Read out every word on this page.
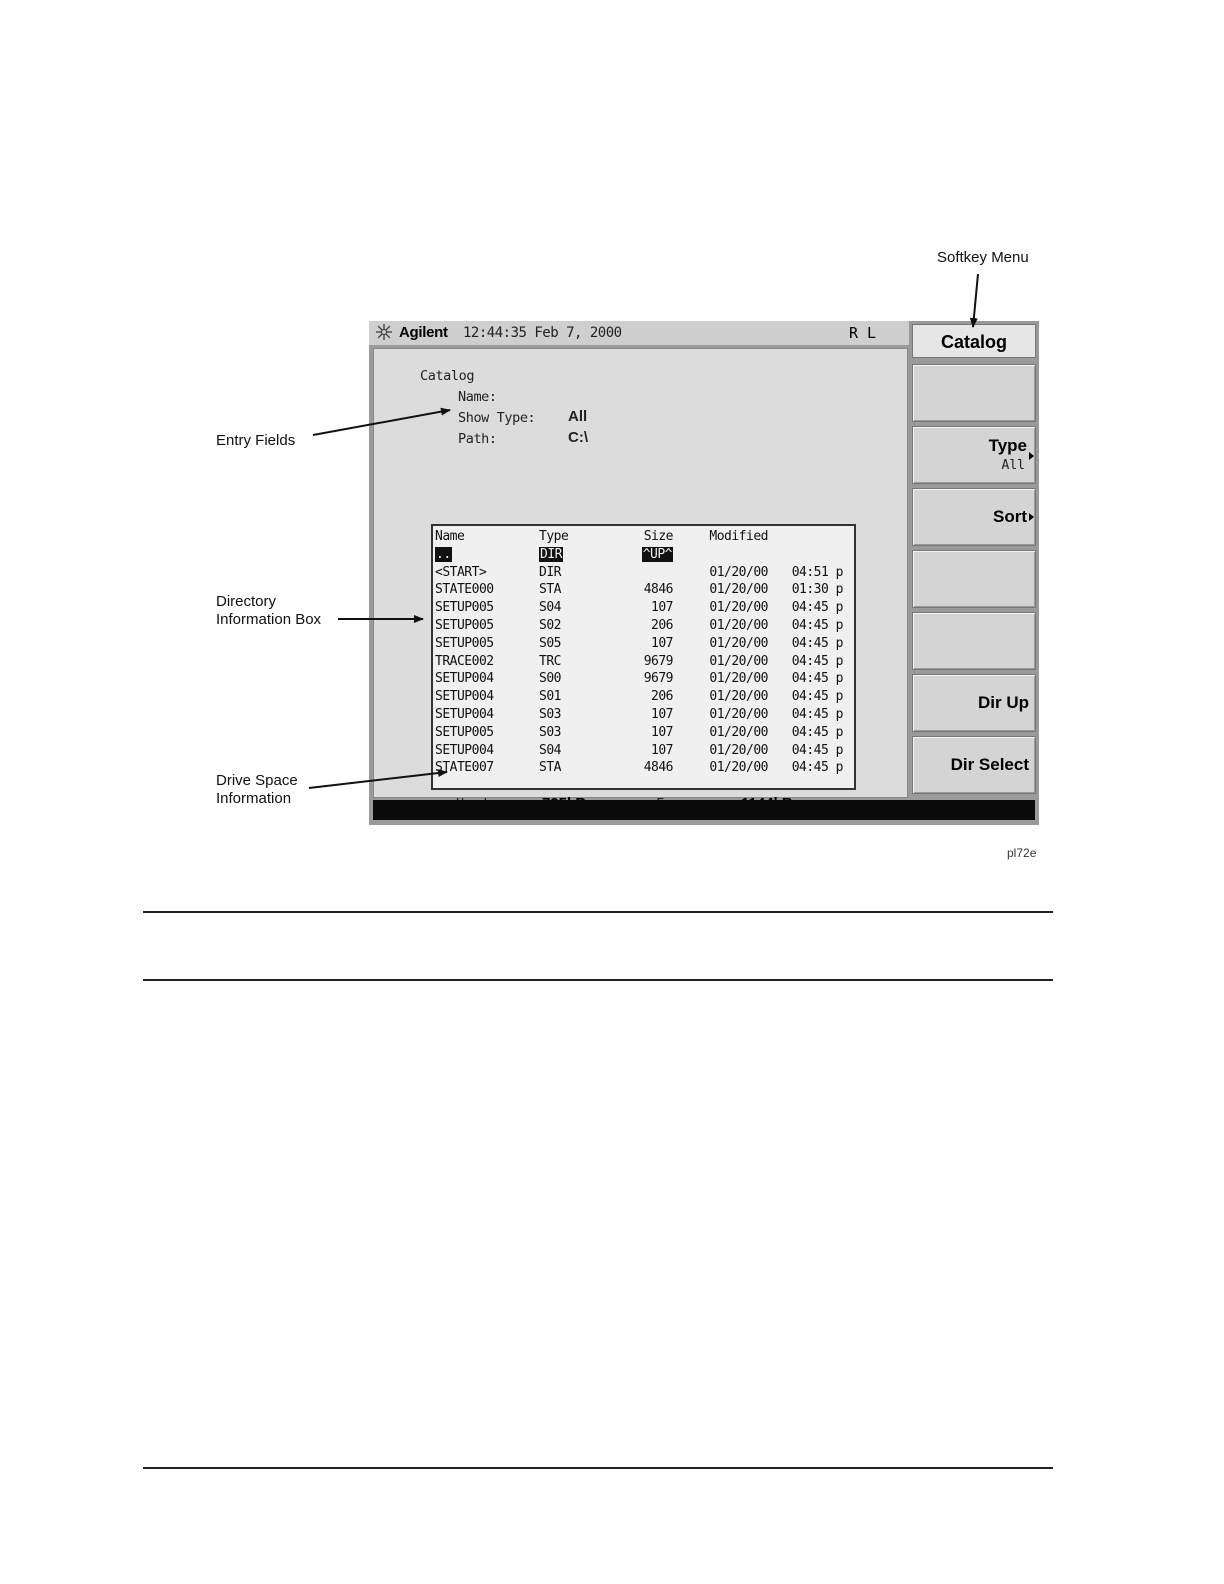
Softkey Menu
Entry Fields
Directory
Information Box
Drive Space
Information
Agilent 12:44:35 Feb 7, 2000	R L
Catalog
Name:
Show Type: All
Path:	C:\
Name	Type	Size	Modified	
..	DIR	^UP^		
<START>	DIR		01/20/00	04:51 p
STATE000	STA	4846	01/20/00	01:30 p
SETUP005	S04	107	01/20/00	04:45 p
SETUP005	S02	206	01/20/00	04:45 p
SETUP005	S05	107	01/20/00	04:45 p
TRACE002	TRC	9679	01/20/00	04:45 p
SETUP004	S00	9679	01/20/00	04:45 p
SETUP004	S01	206	01/20/00	04:45 p
SETUP004	S03	107	01/20/00	04:45 p
SETUP005	S03	107	01/20/00	04:45 p
SETUP004	S04	107	01/20/00	04:45 p
STATE007	STA	4846	01/20/00	04:45 p
Catalog
Type
All
Sort
Dir Up
Dir Select
pl72e
